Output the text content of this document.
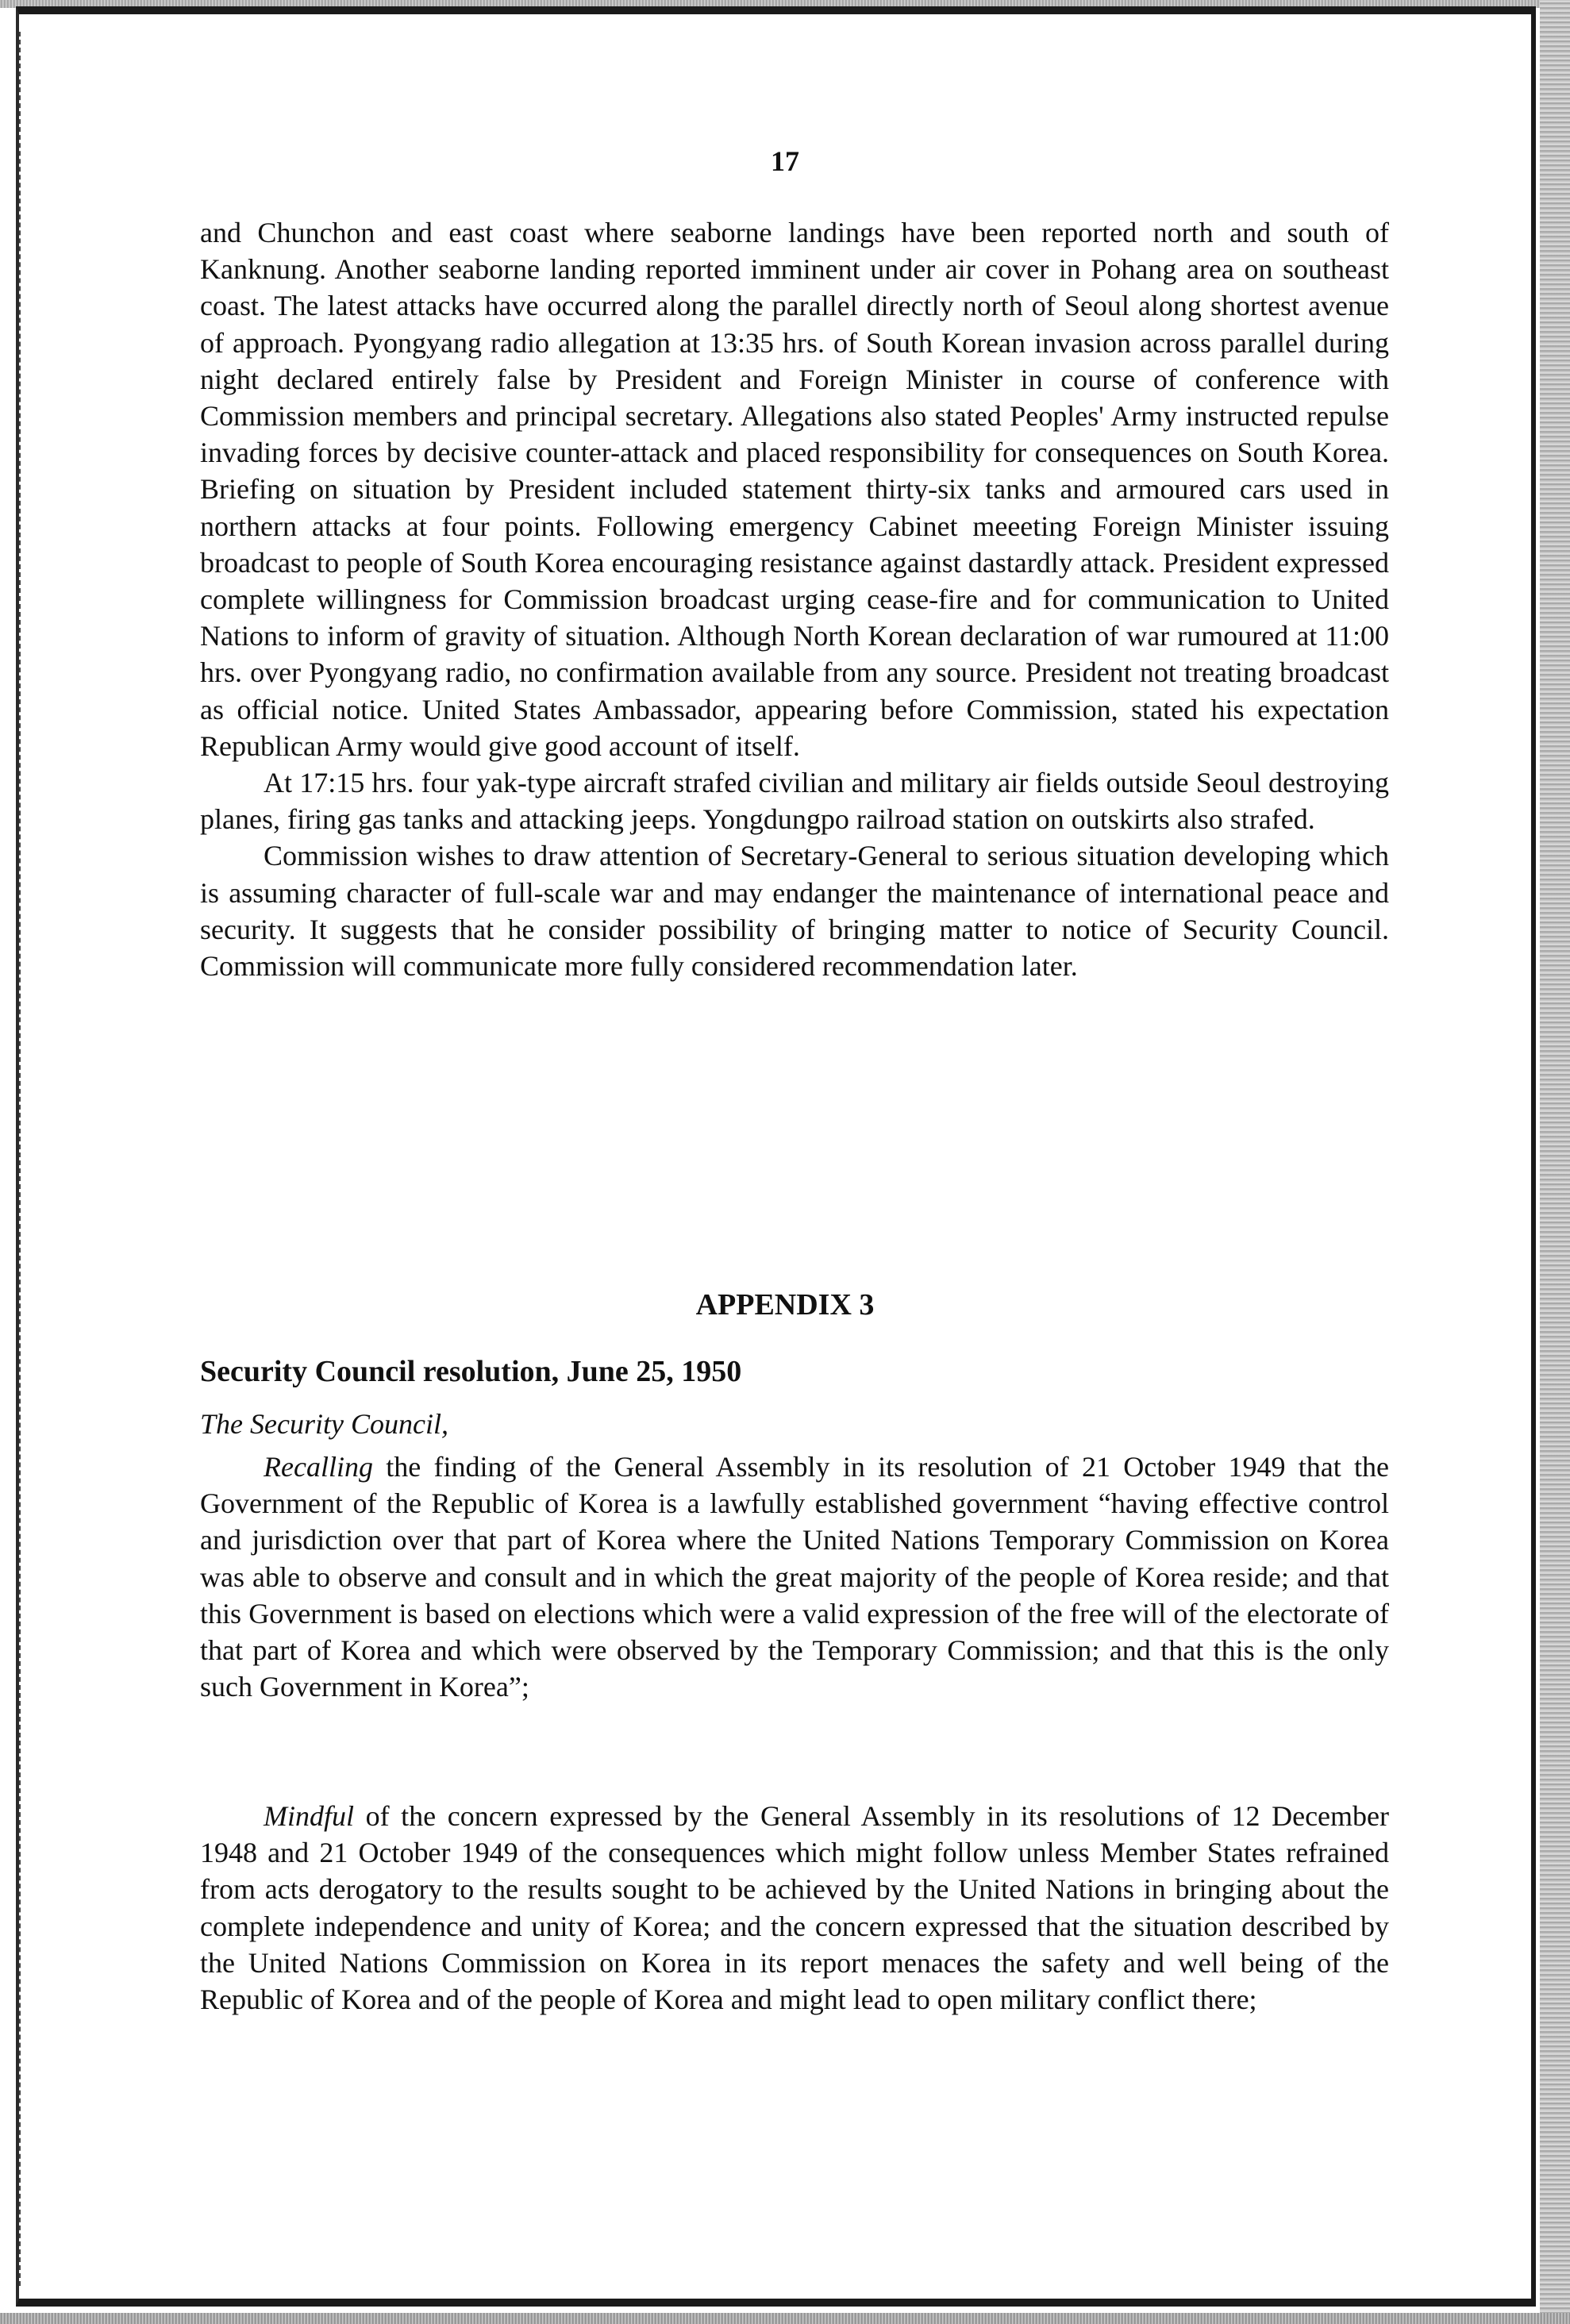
17

and Chunchon and east coast where seaborne landings have been reported north and south of Kanknung. Another seaborne landing reported imminent under air cover in Pohang area on southeast coast. The latest attacks have occurred along the parallel directly north of Seoul along shortest avenue of approach. Pyongyang radio allegation at 13:35 hrs. of South Korean invasion across parallel during night declared entirely false by President and Foreign Minister in course of conference with Commission members and principal secretary. Allegations also stated Peoples' Army instructed repulse invading forces by decisive counter-attack and placed responsibility for consequences on South Korea. Briefing on situation by President included statement thirty-six tanks and armoured cars used in northern attacks at four points. Following emergency Cabinet meeeting Foreign Minister issuing broadcast to people of South Korea encouraging resistance against dastardly attack. President expressed complete willingness for Commission broadcast urging cease-fire and for communication to United Nations to inform of gravity of situation. Although North Korean declaration of war rumoured at 11:00 hrs. over Pyongyang radio, no confirmation available from any source. President not treating broadcast as official notice. United States Ambassador, appearing before Commission, stated his expectation Republican Army would give good account of itself.

At 17:15 hrs. four yak-type aircraft strafed civilian and military air fields outside Seoul destroying planes, firing gas tanks and attacking jeeps. Yongdungpo railroad station on outskirts also strafed.

Commission wishes to draw attention of Secretary-General to serious situation developing which is assuming character of full-scale war and may endanger the maintenance of international peace and security. It suggests that he consider possibility of bringing matter to notice of Security Council. Commission will communicate more fully considered recommendation later.

APPENDIX 3
Security Council resolution, June 25, 1950
The Security Council,

Recalling the finding of the General Assembly in its resolution of 21 October 1949 that the Government of the Republic of Korea is a lawfully established government “having effective control and jurisdiction over that part of Korea where the United Nations Temporary Commission on Korea was able to observe and consult and in which the great majority of the people of Korea reside; and that this Government is based on elections which were a valid expression of the free will of the electorate of that part of Korea and which were observed by the Temporary Commission; and that this is the only such Government in Korea”;

Mindful of the concern expressed by the General Assembly in its resolutions of 12 December 1948 and 21 October 1949 of the consequences which might follow unless Member States refrained from acts derogatory to the results sought to be achieved by the United Nations in bringing about the complete independence and unity of Korea; and the concern expressed that the situation described by the United Nations Commission on Korea in its report menaces the safety and well being of the Republic of Korea and of the people of Korea and might lead to open military conflict there;
